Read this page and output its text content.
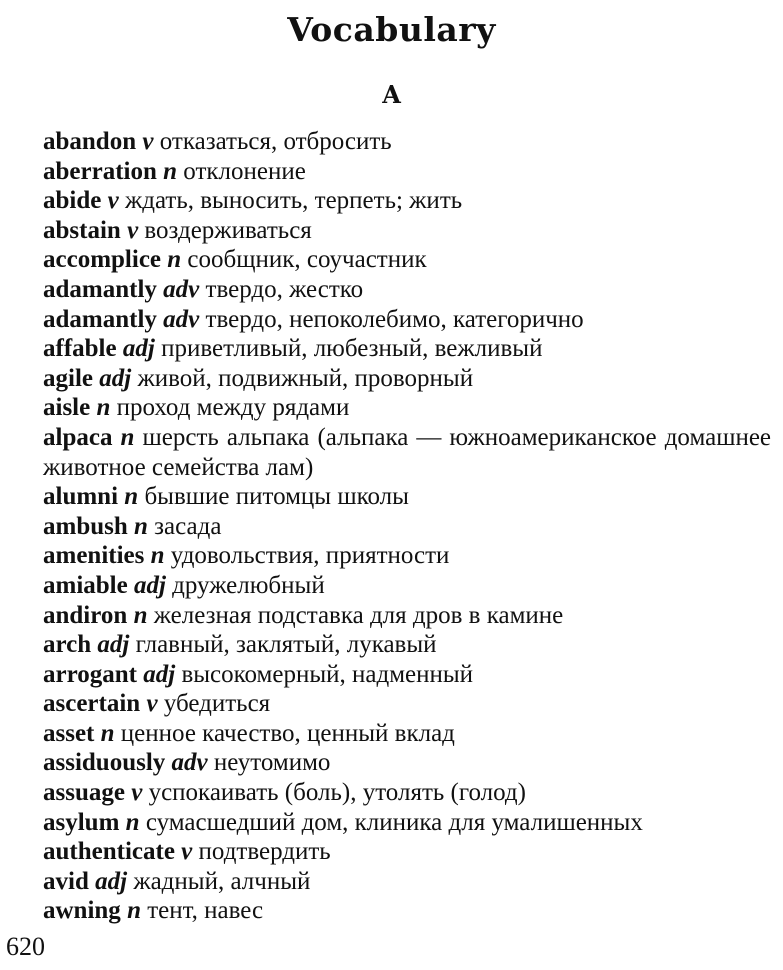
Vocabulary
A
abandon v отказаться, отбросить
aberration n отклонение
abide v ждать, выносить, терпеть; жить
abstain v воздерживаться
accomplice n сообщник, соучастник
adamantly adv твердо, жестко
adamantly adv твердо, непоколебимо, категорично
affable adj приветливый, любезный, вежливый
agile adj живой, подвижный, проворный
aisle n проход между рядами
alpaca n шерсть альпака (альпака — южноамериканское домашнее животное семейства лам)
alumni n бывшие питомцы школы
ambush n засада
amenities n удовольствия, приятности
amiable adj дружелюбный
andiron n железная подставка для дров в камине
arch adj главный, заклятый, лукавый
arrogant adj высокомерный, надменный
ascertain v убедиться
asset n ценное качество, ценный вклад
assiduously adv неутомимо
assuage v успокаивать (боль), утолять (голод)
asylum n сумасшедший дом, клиника для умалишенных
authenticate v подтвердить
avid adj жадный, алчный
awning n тент, навес
620
